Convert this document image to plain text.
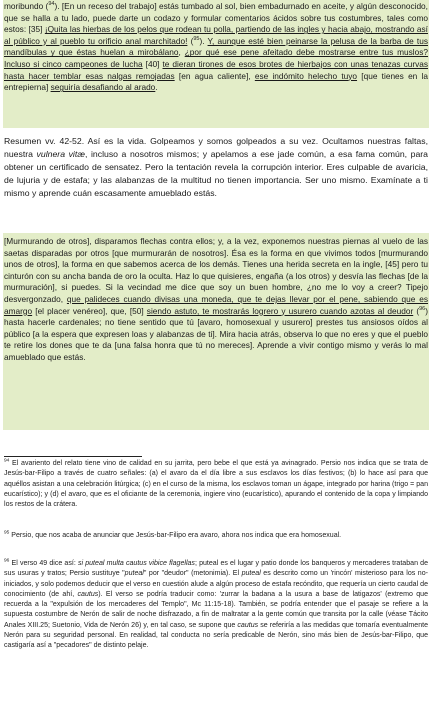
moribundo ($^{94}$). [En un receso del trabajo] estás tumbado al sol, bien embadurnado en aceite, y algún desconocido, que se halla a tu lado, puede darte un codazo y formular comentarios ácidos sobre tus costumbres, tales como estos: [35] ¡Quita las hierbas de los pelos que rodean tu polla, partiendo de las ingles y hacia abajo, mostrando así al público y al pueblo tu orificio anal marchitado! ($^{95}$). Y, aunque esté bien peinarse la pelusa de la barba de tus mandíbulas y que éstas huelan a mirobálano, ¿por qué ese pene afeitado debe mostrarse entre tus muslos? Incluso si cinco campeones de lucha [40] te dieran tirones de esos brotes de hierbajos con unas tenazas curvas hasta hacer temblar esas nalgas remojadas [en agua caliente], ese indómito helecho tuyo [que tienes en la entrepierna] seguiría desafiando al arado.

Resumen vv. 42-52. Así es la vida. Golpeamos y somos golpeados a su vez. Ocultamos nuestras faltas, nuestra vulnera vitæ, incluso a nosotros mismos; y apelamos a ese jade común, a esa fama común, para obtener un certificado de sensatez. Pero la tentación revela la corrupción interior. Eres culpable de avaricia, de lujuria y de estafa; y las alabanzas de la multitud no tienen importancia. Ser uno mismo. Examínate a ti mismo y aprende cuán escasamente amueblado estás.

[Murmurando de otros], disparamos flechas contra ellos; y, a la vez, exponemos nuestras piernas al vuelo de las saetas disparadas por otros [que murmurarán de nosotros]. Ésa es la forma en que vivimos todos [murmurando unos de otros], la forma en que sabemos acerca de los demás. Tienes una herida secreta en la ingle, [45] pero tu cinturón con su ancha banda de oro la oculta. Haz lo que quisieres, engaña (a los otros) y desvía las flechas [de la murmuración], si puedes. Si la vecindad me dice que soy un buen hombre, ¿no me lo voy a creer? Tipejo desvergonzado, que palideces cuando divisas una moneda, que te dejas llevar por el pene, sabiendo que es amargo [el placer venéreo], que, [50] siendo astuto, te mostrarás logrero y usurero cuando azotas al deudor ($^{96}$) hasta hacerle cardenales; no tiene sentido que tú [avaro, homosexual y usurero] prestes tus ansiosos oídos al público [a la espera que expresen loas y alabanzas de ti]. Mira hacia atrás, observa lo que no eres y que el pueblo te retire los dones que te da [una falsa honra que tú no mereces]. Aprende a vivir contigo mismo y verás lo mal amueblado que estás.

$^{94}$ El avariento del relato tiene vino de calidad en su jarrita, pero bebe el que está ya avinagrado. Persio nos indica que se trata de Jesús-bar-Filipo a través de cuatro señales: (a) el avaro da el día libre a sus esclavos los días festivos; (b) lo hace así para que aquéllos asistan a una celebración litúrgica; (c) en el curso de la misma, los esclavos toman un ágape, integrado por harina (trigo = pan eucarístico); y (d) el avaro, que es el oficiante de la ceremonia, ingiere vino (eucarístico), apurando el contenido de la copa y limpiando los restos de la crátera.

$^{95}$ Persio, que nos acaba de anunciar que Jesús-bar-Filipo era avaro, ahora nos indica que era homosexual.

$^{96}$ El verso 49 dice así: si puteal multa cautus vibice flagellas; puteal es el lugar y patio donde los banqueros y mercaderes trataban de sus usuras y tratos; Persio sustituye "puteal" por "deudor" (metonimia). El puteal es descrito como un 'rincón' misterioso para los no-iniciados, y solo podemos deducir que el verso en cuestión alude a algún proceso de estafa recóndito, que requería un cierto caudal de conocimiento (de ahí, cautus). El verso se podría traducir como: 'zurrar la badana a la usura a base de latigazos' (extremo que recuerda a la "expulsión de los mercaderes del Templo", Mc 11:15-18). También, se podría entender que el pasaje se refiere a la supuesta costumbre de Nerón de salir de noche disfrazado, a fin de maltratar a la gente común que transita por la calle (véase Tácito Anales XIII.25; Suetonio, Vida de Nerón 26) y, en tal caso, se supone que cautus se referiría a las medidas que tomaría eventualmente Nerón para su seguridad personal. En realidad, tal conducta no sería predicable de Nerón, sino más bien de Jesús-bar-Filipo, que castigaría así a "pecadores" de distinto pelaje.
